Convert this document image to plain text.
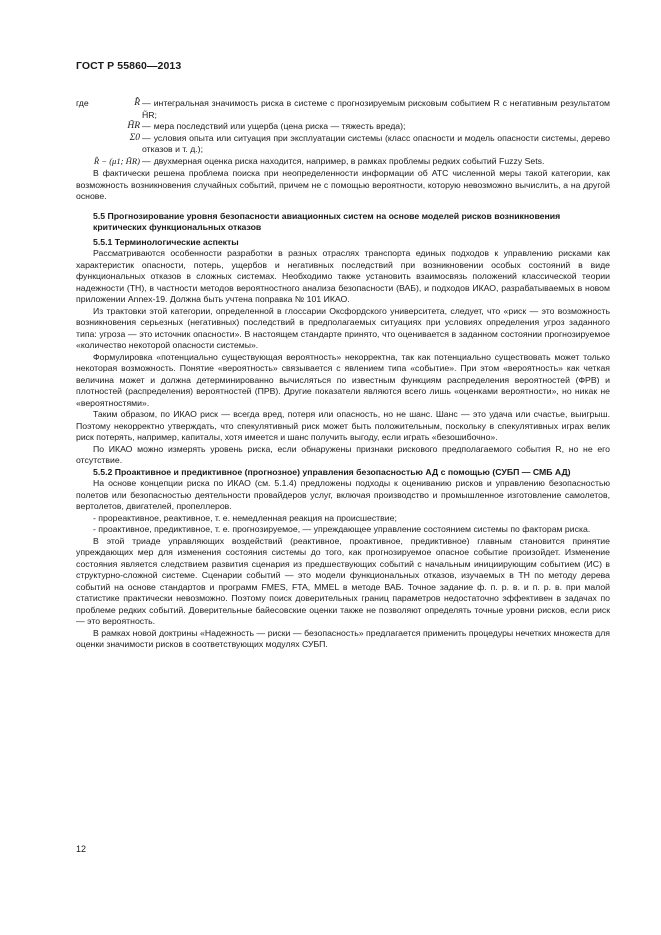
ГОСТ Р 55860—2013
где	R̂ — интегральная значимость риска в системе с прогнозируемым рисковым событием R с негативным результатом H̃R;
H̃R — мера последствий или ущерба (цена риска — тяжесть вреда);
Σ0 — условия опыта или ситуация при эксплуатации системы (класс опасности и модель опасности системы, дерево отказов и т. д.);
R̂ − (μ1; H̃R) — двухмерная оценка риска находится, например, в рамках проблемы редких событий Fuzzy Sets.

В фактически решена проблема поиска при неопределенности информации об АТС численной меры такой категории, как возможность возникновения случайных событий, причем не с помощью вероятности, которую невозможно вычислить, а на другой основе.

5.5 Прогнозирование уровня безопасности авиационных систем на основе моделей рисков возникновения критических функциональных отказов
5.5.1 Терминологические аспекты

Рассматриваются особенности разработки в разных отраслях транспорта единых подходов к управлению рисками как характеристик опасности, потерь, ущербов и негативных последствий при возникновении особых состояний в виде функциональных отказов в сложных системах. Необходимо также установить взаимосвязь положений классической теории надежности (ТН), в частности методов вероятностного анализа безопасности (ВАБ), и подходов ИКАО, разрабатываемых в новом приложении Annex-19. Должна быть учтена поправка № 101 ИКАО.

Из трактовки этой категории, определенной в глоссарии Оксфордского университета, следует, что «риск — это возможность возникновения серьезных (негативных) последствий в предполагаемых ситуациях при условиях определения угроз заданного типа: угроза — это источник опасности». В настоящем стандарте принято, что оценивается в заданном состоянии прогнозируемое «количество некоторой опасности системы».

Формулировка «потенциально существующая вероятность» некорректна, так как потенциально существовать может только некоторая возможность. Понятие «вероятность» связывается с явлением типа «событие». При этом «вероятность» как четкая величина может и должна детерминированно вычисляться по известным функциям распределения вероятностей (ФРВ) и плотностей (распределения) вероятностей (ПРВ). Другие показатели являются всего лишь «оценками вероятности», но никак не «вероятностями».

Таким образом, по ИКАО риск — всегда вред, потеря или опасность, но не шанс. Шанс — это удача или счастье, выигрыш. Поэтому некорректно утверждать, что спекулятивный риск может быть положительным, поскольку в спекулятивных играх велик риск потерять, например, капиталы, хотя имеется и шанс получить выгоду, если играть «безошибочно».

По ИКАО можно измерять уровень риска, если обнаружены признаки рискового предполагаемого события R, но не его отсутствие.

5.5.2 Проактивное и предиктивное (прогнозное) управления безопасностью АД с помощью (СУБП — СМБ АД)

На основе концепции риска по ИКАО (см. 5.1.4) предложены подходы к оцениванию рисков и управлению безопасностью полетов или безопасностью деятельности провайдеров услуг, включая производство и промышленное изготовление самолетов, вертолетов, двигателей, пропеллеров.

- прореактивное, реактивное, т. е. немедленная реакция на происшествие;

- проактивное, предиктивное, т. е. прогнозируемое, — упреждающее управление состоянием системы по факторам риска.

В этой триаде управляющих воздействий (реактивное, проактивное, предиктивное) главным становится принятие упреждающих мер для изменения состояния системы до того, как прогнозируемое опасное событие произойдет. Изменение состояния является следствием развития сценария из предшествующих событий с начальным инициирующим событием (ИС) в структурно-сложной системе. Сценарии событий — это модели функциональных отказов, изучаемых в ТН по методу дерева событий на основе стандартов и программ FMES, FTA, MMEL в методе ВАБ. Точное задание ф. п. р. в. и п. р. в. при малой статистике практически невозможно. Поэтому поиск доверительных границ параметров недостаточно эффективен в задачах по проблеме редких событий. Доверительные байесовские оценки также не позволяют определять точные уровни рисков, если риск — это вероятность.

В рамках новой доктрины «Надежность — риски — безопасность» предлагается применить процедуры нечетких множеств для оценки значимости рисков в соответствующих модулях СУБП.

12
